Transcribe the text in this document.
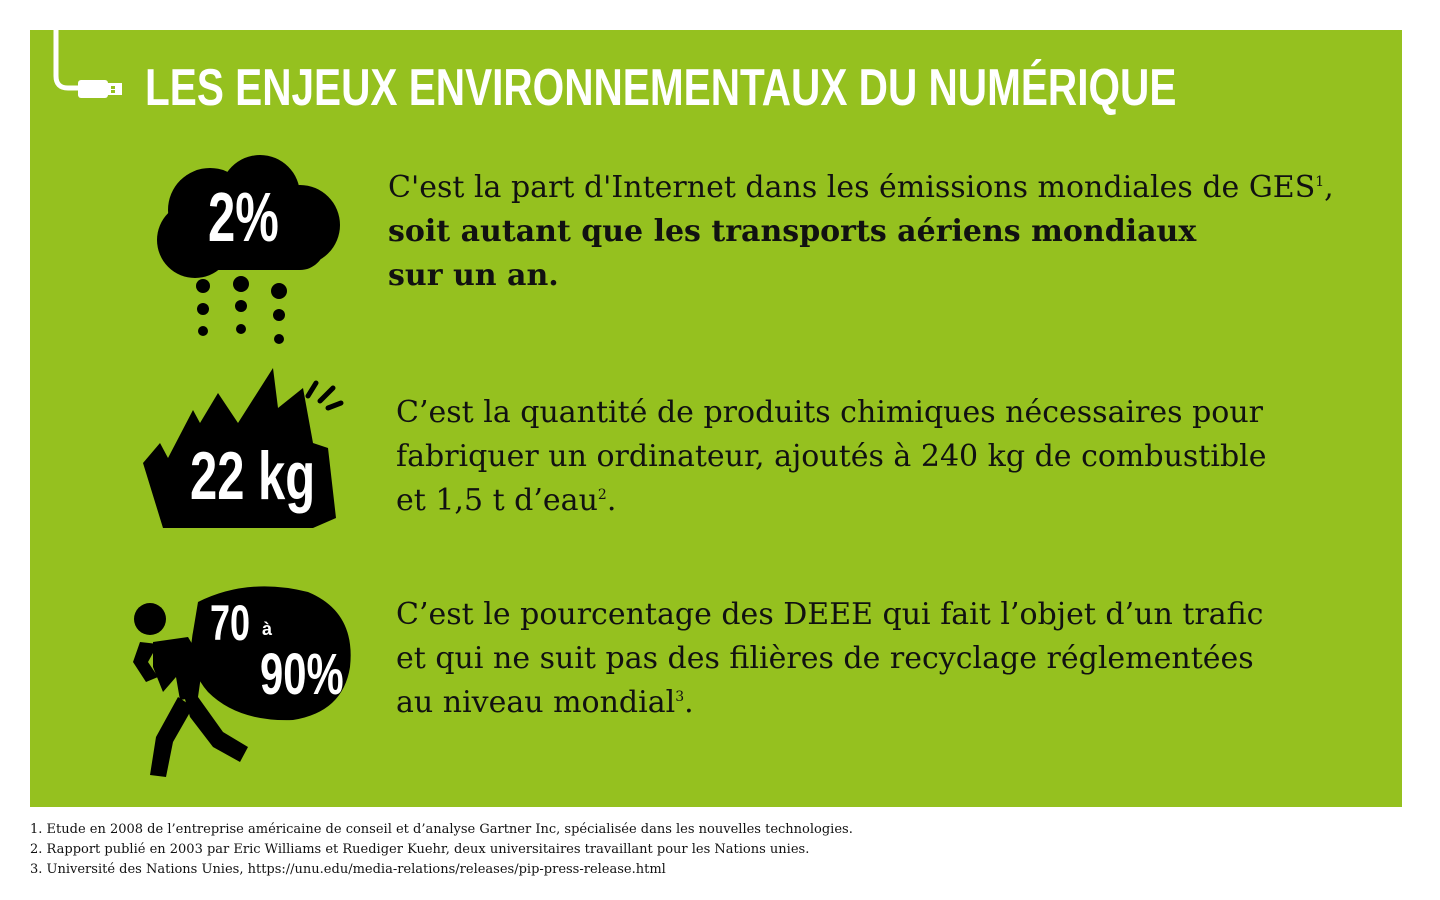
LES ENJEUX ENVIRONNEMENTAUX DU NUMÉRIQUE
2%	C'est la part d'Internet dans les émissions mondiales de GES$^1$,
soit autant que les transports aériens mondiaux
sur un an.
22 kg
C’est la quantité de produits chimiques nécessaires pour
fabriquer un ordinateur, ajoutés à 240 kg de combustible
et 1,5 t d’eau$^2$.
70 à
90%
C’est le pourcentage des DEEE qui fait l’objet d’un trafic
et qui ne suit pas des filières de recyclage réglementées
au niveau mondial$^3$.
1. Etude en 2008 de l’entreprise américaine de conseil et d’analyse Gartner Inc, spécialisée dans les nouvelles technologies.
2. Rapport publié en 2003 par Eric Williams et Ruediger Kuehr, deux universitaires travaillant pour les Nations unies.
3. Université des Nations Unies, https://unu.edu/media-relations/releases/pip-press-release.html
